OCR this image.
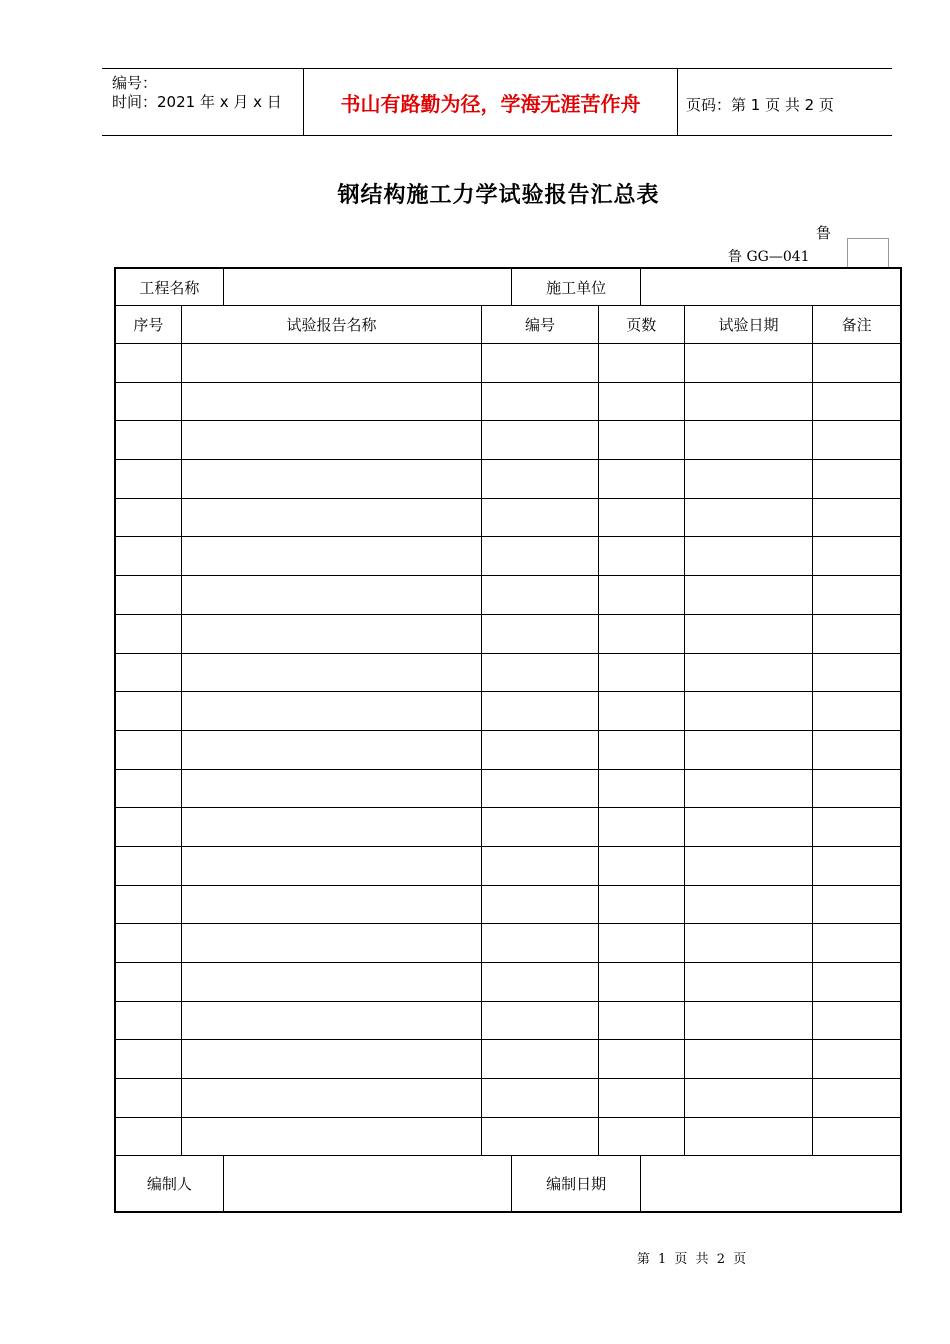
编号：
时间：2021 年 x 月 x 日	书山有路勤为径，学海无涯苦作舟	页码：第 1 页 共 2 页
钢结构施工力学试验报告汇总表
鲁
鲁 GG—041
工程名称				施工单位				
序号	试验报告名称		编号		页数		试验日期	备注

编制人				编制日期				
第 1 页 共 2 页
